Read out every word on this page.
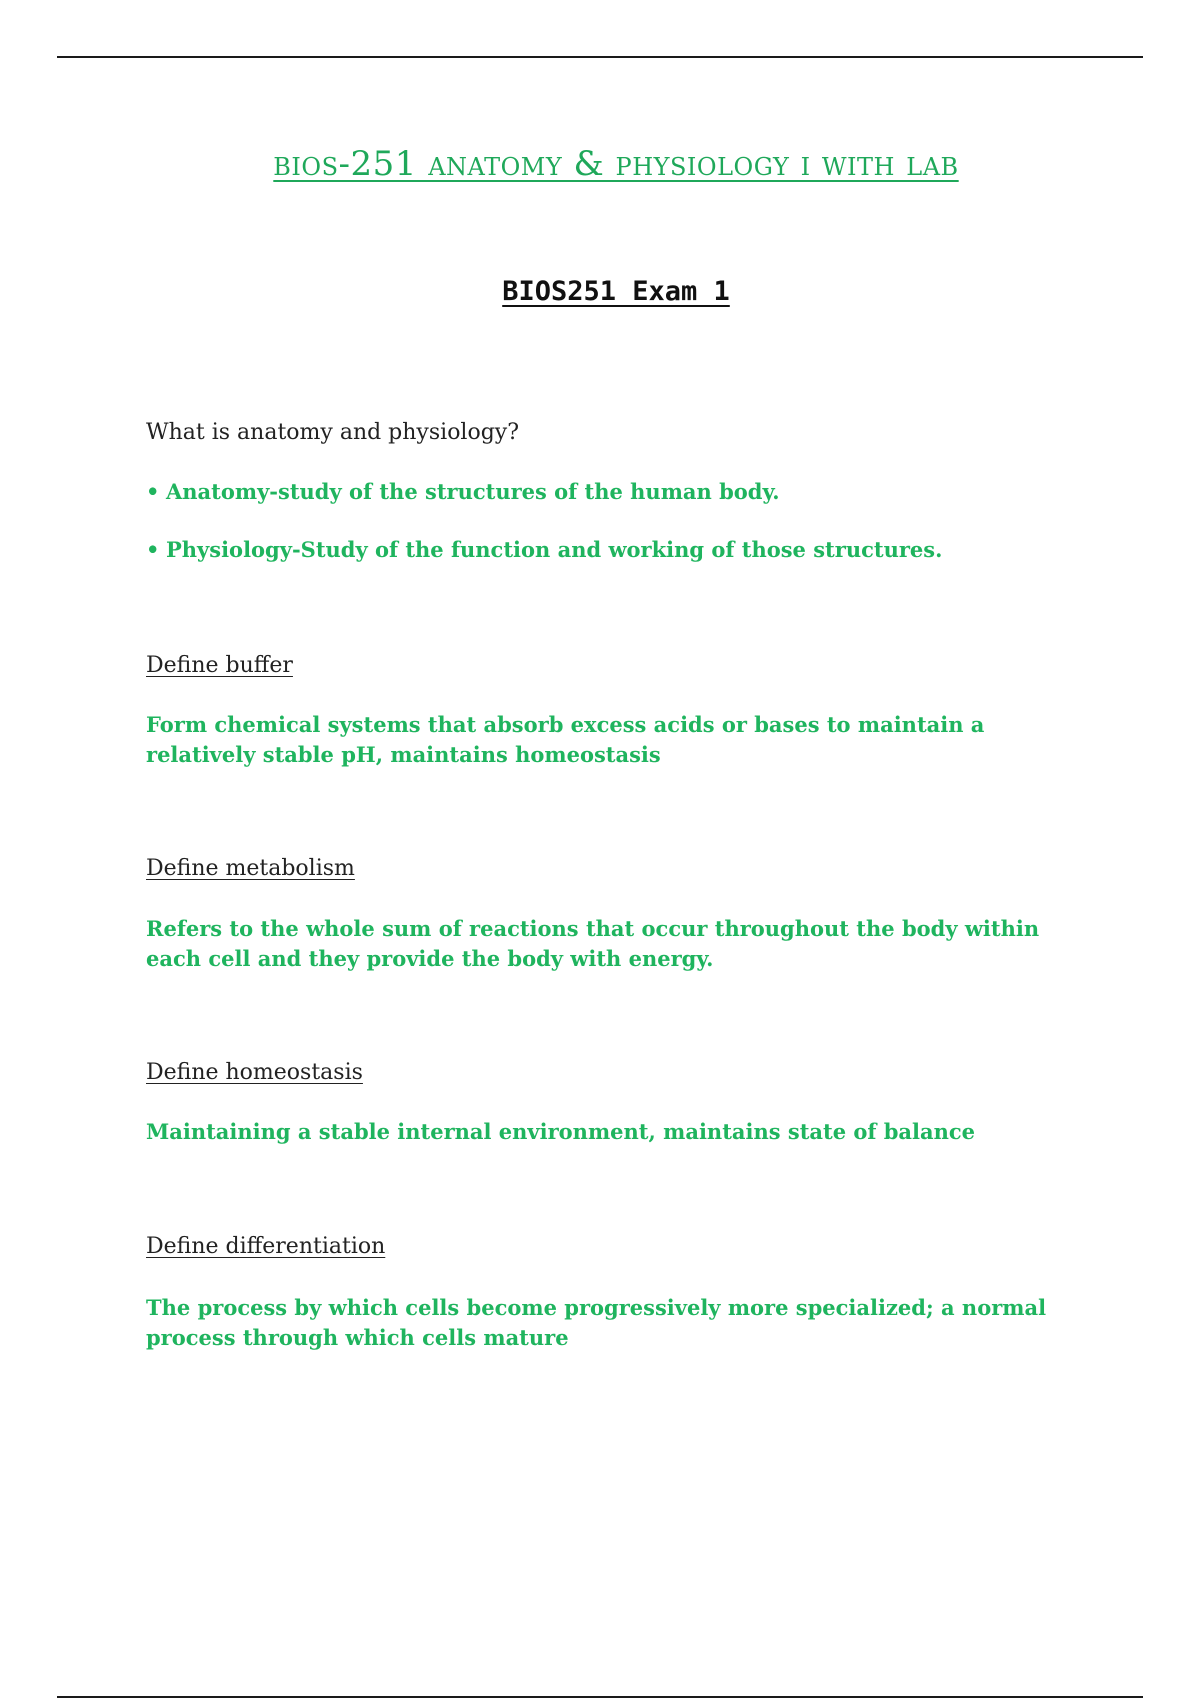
bios-251 anatomy & physiology i with lab
BIOS251 Exam 1

What is anatomy and physiology?

• Anatomy-study of the structures of the human body.
• Physiology-Study of the function and working of those structures.

Define buffer

Form chemical systems that absorb excess acids or bases to maintain a relatively stable pH, maintains homeostasis

Define metabolism

Refers to the whole sum of reactions that occur throughout the body within each cell and they provide the body with energy.

Define homeostasis

Maintaining a stable internal environment, maintains state of balance

Define differentiation

The process by which cells become progressively more specialized; a normal process through which cells mature
